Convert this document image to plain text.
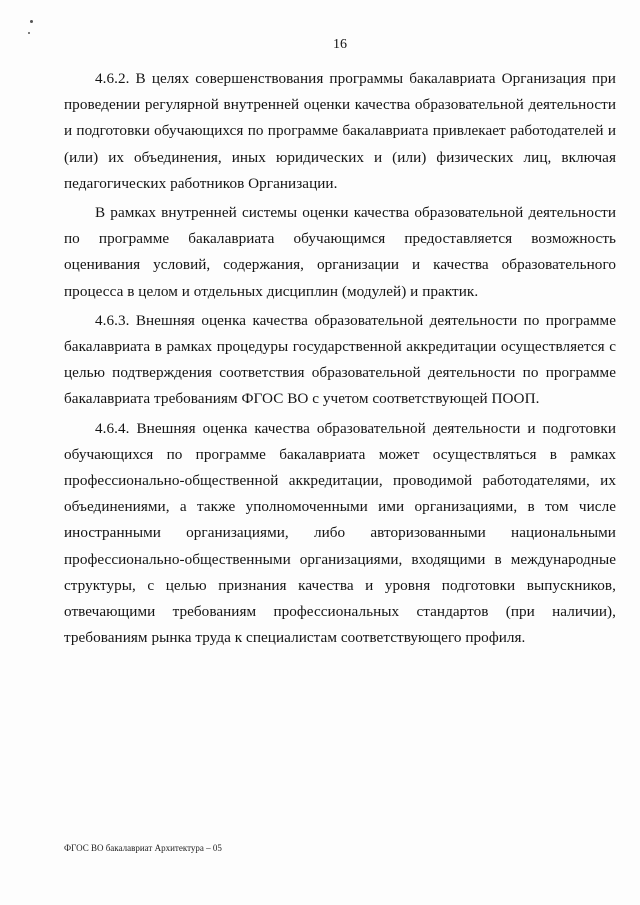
16

4.6.2. В целях совершенствования программы бакалавриата Организация при проведении регулярной внутренней оценки качества образовательной деятельности и подготовки обучающихся по программе бакалавриата привлекает работодателей и (или) их объединения, иных юридических и (или) физических лиц, включая педагогических работников Организации.

В рамках внутренней системы оценки качества образовательной деятельности по программе бакалавриата обучающимся предоставляется возможность оценивания условий, содержания, организации и качества образовательного процесса в целом и отдельных дисциплин (модулей) и практик.

4.6.3. Внешняя оценка качества образовательной деятельности по программе бакалавриата в рамках процедуры государственной аккредитации осуществляется с целью подтверждения соответствия образовательной деятельности по программе бакалавриата требованиям ФГОС ВО с учетом соответствующей ПООП.

4.6.4. Внешняя оценка качества образовательной деятельности и подготовки обучающихся по программе бакалавриата может осуществляться в рамках профессионально-общественной аккредитации, проводимой работодателями, их объединениями, а также уполномоченными ими организациями, в том числе иностранными организациями, либо авторизованными национальными профессионально-общественными организациями, входящими в международные структуры, с целью признания качества и уровня подготовки выпускников, отвечающими требованиям профессиональных стандартов (при наличии), требованиям рынка труда к специалистам соответствующего профиля.

ФГОС ВО бакалавриат Архитектура – 05
